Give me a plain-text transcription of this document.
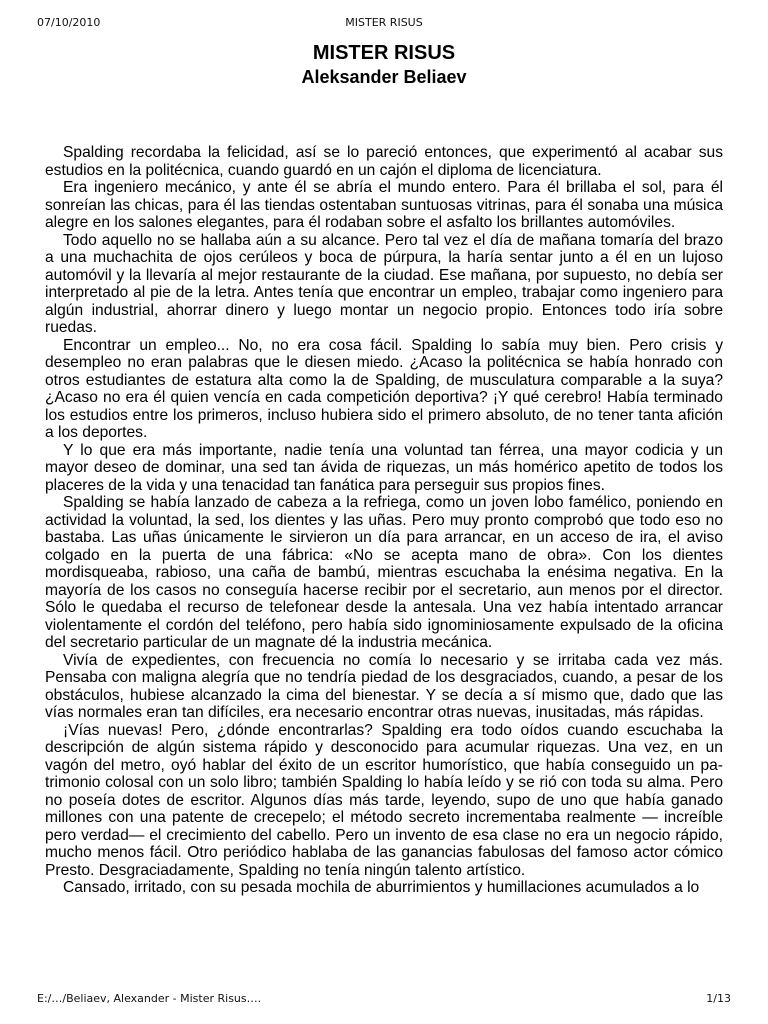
07/10/2010	MISTER RISUS
MISTER RISUS
Aleksander Beliaev

Spalding recordaba la felicidad, así se lo pareció entonces, que experimentó al acabar sus estudios en la politécnica, cuando guardó en un cajón el diploma de licenciatura.

Era ingeniero mecánico, y ante él se abría el mundo entero. Para él brillaba el sol, para él sonreían las chicas, para él las tiendas ostentaban suntuosas vitrinas, para él sonaba una música alegre en los salones elegantes, para él rodaban sobre el asfalto los brillantes automóviles.

Todo aquello no se hallaba aún a su alcance. Pero tal vez el día de mañana tomaría del brazo a una muchachita de ojos cerúleos y boca de púrpura, la haría sentar junto a él en un lujoso automóvil y la llevaría al mejor restaurante de la ciudad. Ese mañana, por supuesto, no debía ser interpretado al pie de la letra. Antes tenía que encontrar un empleo, trabajar como ingeniero para algún industrial, ahorrar dinero y luego montar un negocio propio. Entonces todo iría sobre ruedas.

Encontrar un empleo... No, no era cosa fácil. Spalding lo sabía muy bien. Pero crisis y desempleo no eran palabras que le diesen miedo. ¿Acaso la politécnica se había honrado con otros estudiantes de estatura alta como la de Spalding, de musculatura comparable a la suya? ¿Acaso no era él quien vencía en cada competición deportiva? ¡Y qué cerebro! Había terminado los estudios entre los primeros, incluso hubiera sido el primero absoluto, de no tener tanta afición a los deportes.

Y lo que era más importante, nadie tenía una voluntad tan férrea, una mayor codicia y un mayor deseo de dominar, una sed tan ávida de riquezas, un más homérico apetito de todos los placeres de la vida y una tenacidad tan fanática para perseguir sus propios fines.

Spalding se había lanzado de cabeza a la refriega, como un joven lobo famélico, poniendo en actividad la voluntad, la sed, los dientes y las uñas. Pero muy pronto comprobó que todo eso no bastaba. Las uñas únicamente le sirvieron un día para arrancar, en un acceso de ira, el aviso colgado en la puerta de una fábrica: «No se acepta mano de obra». Con los dientes mordisqueaba, rabioso, una caña de bambú, mientras escuchaba la enésima negativa. En la mayoría de los casos no conseguía hacerse recibir por el secretario, aun menos por el director. Sólo le quedaba el recurso de telefonear desde la antesala. Una vez había intentado arrancar violentamente el cordón del teléfono, pero había sido ignominiosamente expulsado de la oficina del secretario particular de un magnate dé la industria mecánica.

Vivía de expedientes, con frecuencia no comía lo necesario y se irritaba cada vez más. Pensaba con maligna alegría que no tendría piedad de los desgraciados, cuando, a pesar de los obstáculos, hubiese alcanzado la cima del bienestar. Y se decía a sí mismo que, dado que las vías normales eran tan difíciles, era necesario encontrar otras nuevas, inusitadas, más rápidas.

¡Vías nuevas! Pero, ¿dónde encontrarlas? Spalding era todo oídos cuando escuchaba la descripción de algún sistema rápido y desconocido para acumular riquezas. Una vez, en un vagón del metro, oyó hablar del éxito de un escritor humorístico, que había conseguido un pa-trimonio colosal con un solo libro; también Spalding lo había leído y se rió con toda su alma. Pero no poseía dotes de escritor. Algunos días más tarde, leyendo, supo de uno que había ganado millones con una patente de crecepelo; el método secreto incrementaba realmente — increíble pero verdad— el crecimiento del cabello. Pero un invento de esa clase no era un negocio rápido, mucho menos fácil. Otro periódico hablaba de las ganancias fabulosas del famoso actor cómico Presto. Desgraciadamente, Spalding no tenía ningún talento artístico.

Cansado, irritado, con su pesada mochila de aburrimientos y humillaciones acumulados a lo

E:/…/Beliaev, Alexander - Mister Risus….	1/13
